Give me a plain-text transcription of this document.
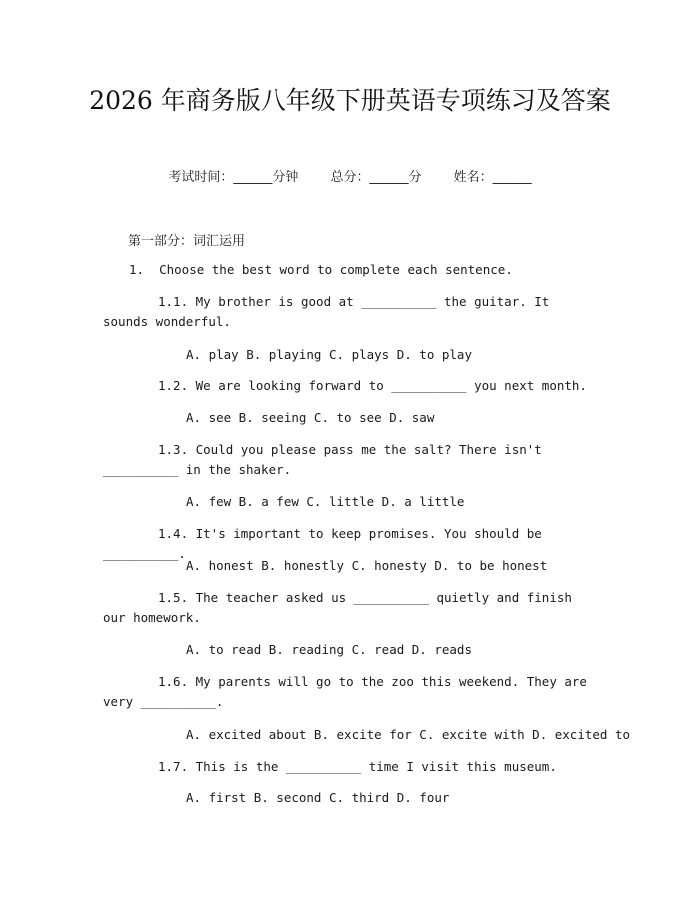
2026 年商务版八年级下册英语专项练习及答案
考试时间：______分钟 总分：______分 姓名：______
第一部分：词汇运用
1.  Choose the best word to complete each sentence.
1.1. My brother is good at __________ the guitar. It sounds wonderful.
A. play B. playing C. plays D. to play
1.2. We are looking forward to __________ you next month.
A. see B. seeing C. to see D. saw
1.3. Could you please pass me the salt? There isn't __________ in the shaker.
A. few B. a few C. little D. a little
1.4. It's important to keep promises. You should be __________.
A. honest B. honestly C. honesty D. to be honest
1.5. The teacher asked us __________ quietly and finish our homework.
A. to read B. reading C. read D. reads
1.6. My parents will go to the zoo this weekend. They are very __________.
A. excited about B. excite for C. excite with D. excited to
1.7. This is the __________ time I visit this museum.
A. first B. second C. third D. four
